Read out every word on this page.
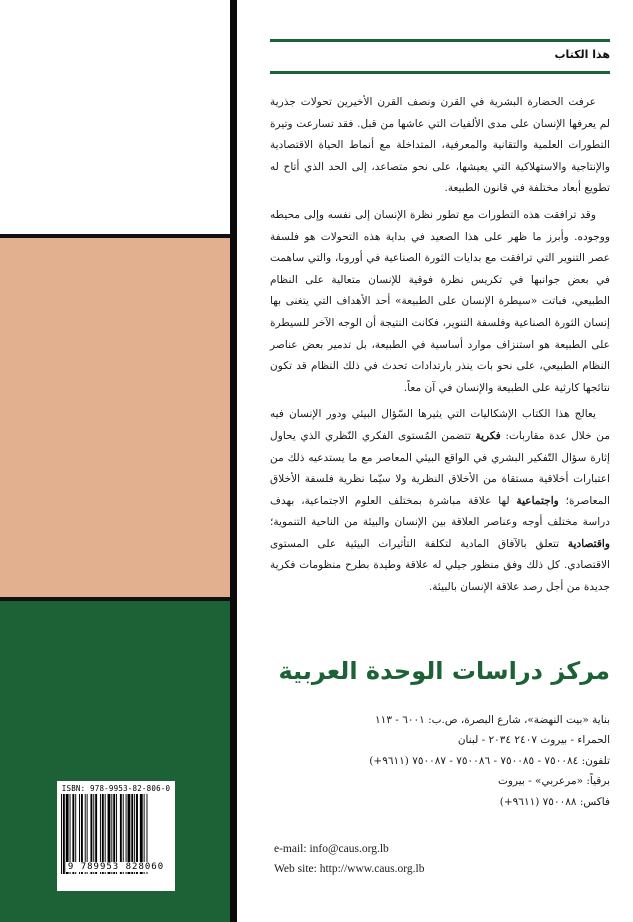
ISBN: 978-9953-82-806-0
9 789953 828060
هذا الكتاب

عرفت الحضارة البشرية في القرن ونصف القرن الأخيرين تحولات جذرية لم يعرفها الإنسان على مدى الألفيات التي عاشها من قبل. فقد تسارعت وتيرة التطورات العلمية والتقانية والمعرفية، المتداخلة مع أنماط الحياة الاقتصادية والإنتاجية والاستهلاكية التي يعيشها، على نحو متصاعد، إلى الحد الذي أتاح له تطويع أبعاد مختلفة في قانون الطبيعة.

وقد ترافقت هذه التطورات مع تطور نظرة الإنسان إلى نفسه وإلى محيطه ووجوده. وأبرز ما ظهر على هذا الصعيد في بداية هذه التحولات هو فلسفة عصر التنوير التي ترافقت مع بدايات الثورة الصناعية في أوروبا، والتي ساهمت في بعض جوانبها في تكريس نظرة فوقية للإنسان متعالية على النظام الطبيعي، فباتت «سيطرة الإنسان على الطبيعة» أحد الأهداف التي يتغنى بها إنسان الثورة الصناعية وفلسفة التنوير، فكانت النتيجة أن الوجه الآخر للسيطرة على الطبيعة هو استنزاف موارد أساسية في الطبيعة، بل تدمير بعض عناصر النظام الطبيعي، على نحو بات ينذر بارتدادات تحدث في ذلك النظام قد تكون نتائجها كارثية على الطبيعة والإنسان في آن معاً.

يعالج هذا الكتاب الإشكاليات التي يثيرها السّؤال البيئي ودور الإنسان فيه من خلال عدة مقاربات: فكرية تتضمن المُستوى الفكري النّظري الذي يحاول إثارة سؤال التّفكير البشري في الواقع البيئي المعاصر مع ما يستدعيه ذلك من اعتبارات أخلاقية مستقاة من الأخلاق النظرية ولا سيّما نظرية فلسفة الأخلاق المعاصرة؛ واجتماعية لها علاقة مباشرة بمختلف العلوم الاجتماعية، بهدف دراسة مختلف أوجه وعناصر العلاقة بين الإنسان والبيئة من الناحية التنموية؛ واقتصادية تتعلق بالآفاق المادية لتكلفة التأثيرات البيئية على المستوى الاقتصادي. كل ذلك وفق منظور جيلي له علاقة وطيدة بطرح منظومات فكرية جديدة من أجل رصد علاقة الإنسان بالبيئة.

مركز دراسات الوحدة العربية
بناية «بيت النهضة»، شارع البصرة، ص.ب: ٦٠٠١ - ١١٣
الحمراء - بيروت ٢٤٠٧ ٢٠٣٤ - لبنان
تلفون: ٧٥٠٠٨٤ - ٧٥٠٠٨٥ - ٧٥٠٠٨٦ - ٧٥٠٠٨٧ (٩٦١١+)
برقياً: «مرعربي» - بيروت
فاكس: ٧٥٠٠٨٨ (٩٦١١+)
e-mail: info@caus.org.lb
Web site: http://www.caus.org.lb
